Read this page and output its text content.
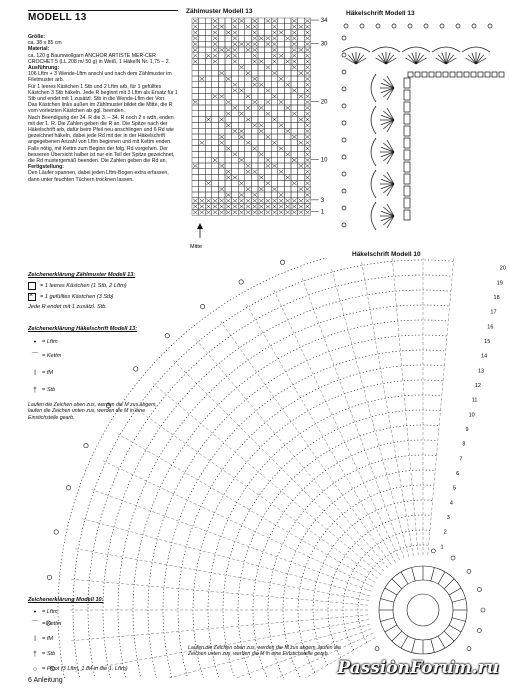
MODELL 13

Größe:

ca. 38 x 85 cm

Material:

ca. 120 g Baumwollgarn ANCHOR ARTISTE MER-CER CROCHET 5 (LL 208 m/ 50 g) in Weiß, 1 HäkelN Nr. 1,75 – 2.

Ausführung:

106 Lftm + 3 Wende-Lftm anschl und nach dem Zählmuster im Filetmuster arb.

Für 1 leeres Kästchen 1 Stb und 2 Lftm arb, für 1 gefülltes Kästchen 3 Stb häkeln. Jede R beginnt mit 3 Lftm als Ersatz für 1 Stb und endet mit 1 zusätzl. Stb in die Wende-Lftm der Vorr.

Das Kästchen links außen im Zählmuster bildet die Mitte, die R vom vorletzten Kästchen ab ggl. beenden.

Nach Beendigung der 34. R die 3. – 34. R noch 2 x wdh, enden mit der 1. R. Die Zahlen geben die R an. Die Spitze nach der Häkelschrift arb, dafür beim Pfeil neu anschlingen und 6 Rd wie gezeichnet häkeln, dabei jede Rd mit der in der Häkelschrift angegebenen Anzahl von Lftm beginnen und mit Kettm enden. Falls nötig, mit Kettm zum Beginn der folg. Rd vorgehen. Der besseren Übersicht halber ist nur ein Teil der Spitze gezeichnet, die Rd mustergemäß beenden. Die Zahlen geben die Rd an.

Fertigstellung:

Den Läufer spannen, dabei jeden Lftm-Bogen extra erfassen, dann unter feuchten Tüchern trocknen lassen.

Zeichenerklärung Zählmuster Modell 13:
= 1 leeres Kästchen (1 Stb, 2 Lftm)
×
= 1 gefülltes Kästchen (3 Stb)
Jede R endet mit 1 zusätzl. Stb.
Zeichenerklärung Häkelschrift Modell 13:
•	= Lftm
⌒ = Kettm
ǀ	= fM
† = Stb
Laufen die Zeichen oben zus, werden die M zus abgem, laufen die Zeichen unten zus, werden die M in eine Einstichstelle gearb.
Zeichenerklärung Modell 10:
•	= Lftm
⌒ = Kettm
ǀ	= fM
† = Stb
○ = Picot (3 Lftm, 1 fM in die 1. Lftm)
6 Anleitung
Zählmuster Modell 13
34
30
20
10
3
1
Mitte
Häkelschrift Modell 13
Häkelschrift Modell 10
20
19
18
17
16
15
14
13
12
11
10
9
8
7
6
5
4
3
2
1
Laufen die Zeichen oben zus, werden die M zus abgem, laufen die Zeichen unten zus, werden die M in eine Einstichstelle gearb.
PassionForum.ru
